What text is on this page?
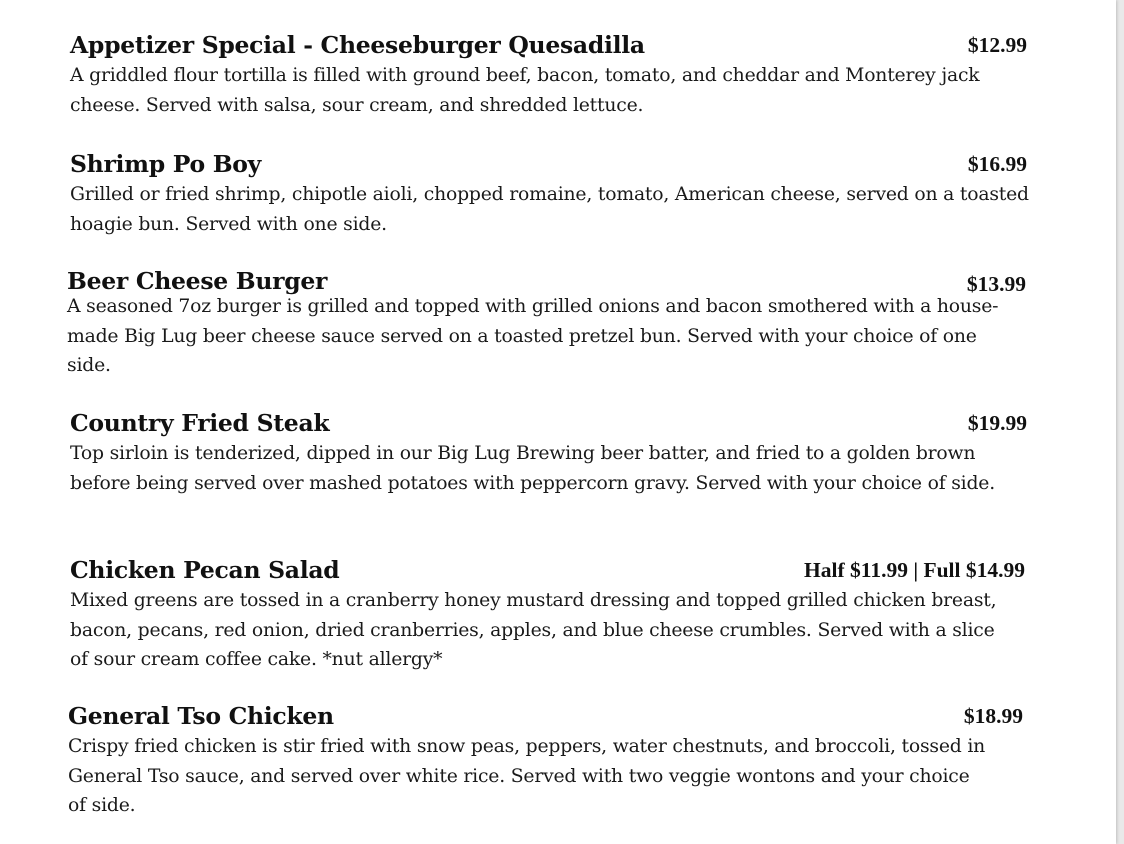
Appetizer Special - Cheeseburger Quesadilla	$12.99

A griddled flour tortilla is filled with ground beef, bacon, tomato, and cheddar and Monterey jack cheese. Served with salsa, sour cream, and shredded lettuce.

Shrimp Po Boy	$16.99

Grilled or fried shrimp, chipotle aioli, chopped romaine, tomato, American cheese, served on a toasted hoagie bun. Served with one side.

Beer Cheese Burger	$13.99

A seasoned 7oz burger is grilled and topped with grilled onions and bacon smothered with a house-made Big Lug beer cheese sauce served on a toasted pretzel bun. Served with your choice of one side.

Country Fried Steak	$19.99

Top sirloin is tenderized, dipped in our Big Lug Brewing beer batter, and fried to a golden brown before being served over mashed potatoes with peppercorn gravy. Served with your choice of side.

Chicken Pecan Salad	Half $11.99 | Full $14.99

Mixed greens are tossed in a cranberry honey mustard dressing and topped grilled chicken breast, bacon, pecans, red onion, dried cranberries, apples, and blue cheese crumbles. Served with a slice of sour cream coffee cake. *nut allergy*

General Tso Chicken	$18.99

Crispy fried chicken is stir fried with snow peas, peppers, water chestnuts, and broccoli, tossed in General Tso sauce, and served over white rice. Served with two veggie wontons and your choice of side.
